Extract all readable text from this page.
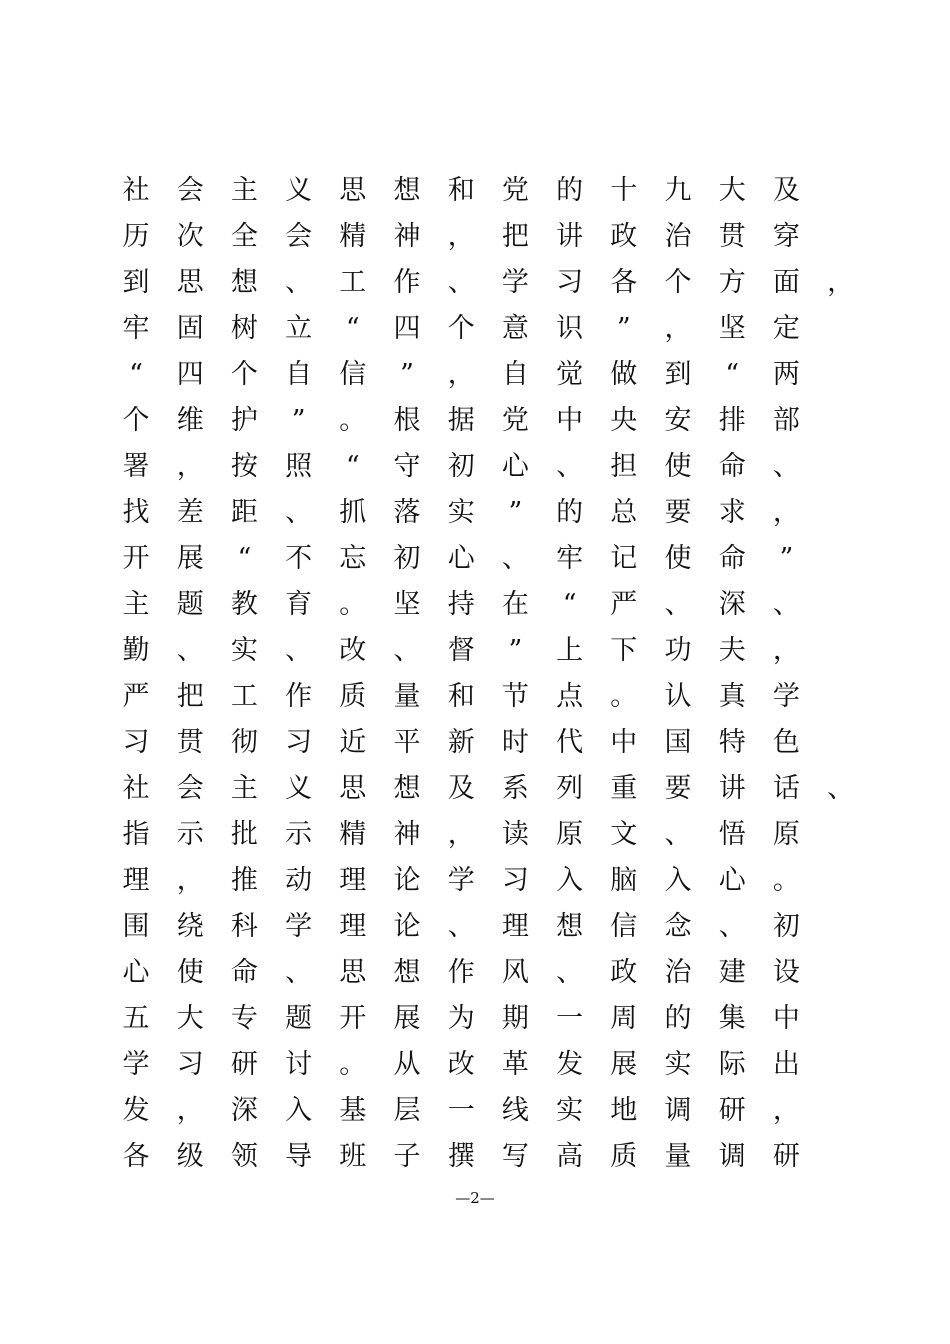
社 会 主 义 思 想 和 党 的 十 九 大 及
历 次 全 会 精 神 ， 把 讲 政 治 贯 穿
到 思 想 、 工 作 、 学 习 各 个 方 面 ，
牢 固 树 立	“	四 个 意 识	”	， 坚 定
“	四 个 自 信	”	， 自 觉 做 到	“	两
个 维 护	”	。 根 据 党 中 央 安 排 部
署 ， 按 照	“	守 初 心 、 担 使 命 、
找 差 距 、 抓 落 实	”	的 总 要 求 ，
开 展	“	不 忘 初 心 、 牢 记 使 命	”
主 题 教 育 。 坚 持 在	“	严 、 深 、
勤 、 实 、 改 、 督	”	上 下 功 夫 ，
严 把 工 作 质 量 和 节 点 。 认 真 学
习 贯 彻 习 近 平 新 时 代 中 国 特 色
社 会 主 义 思 想 及 系 列 重 要 讲 话 、
指 示 批 示 精 神 ， 读 原 文 、 悟 原
理 ， 推 动 理 论 学 习 入 脑 入 心 。
围 绕 科 学 理 论 、 理 想 信 念 、 初
心 使 命 、 思 想 作 风 、 政 治 建 设
五 大 专 题 开 展 为 期 一 周 的 集 中
学 习 研 讨 。 从 改 革 发 展 实 际 出
发 ， 深 入 基 层 一 线 实 地 调 研 ，
各 级 领 导 班 子 撰 写 高 质 量 调 研
—2—
